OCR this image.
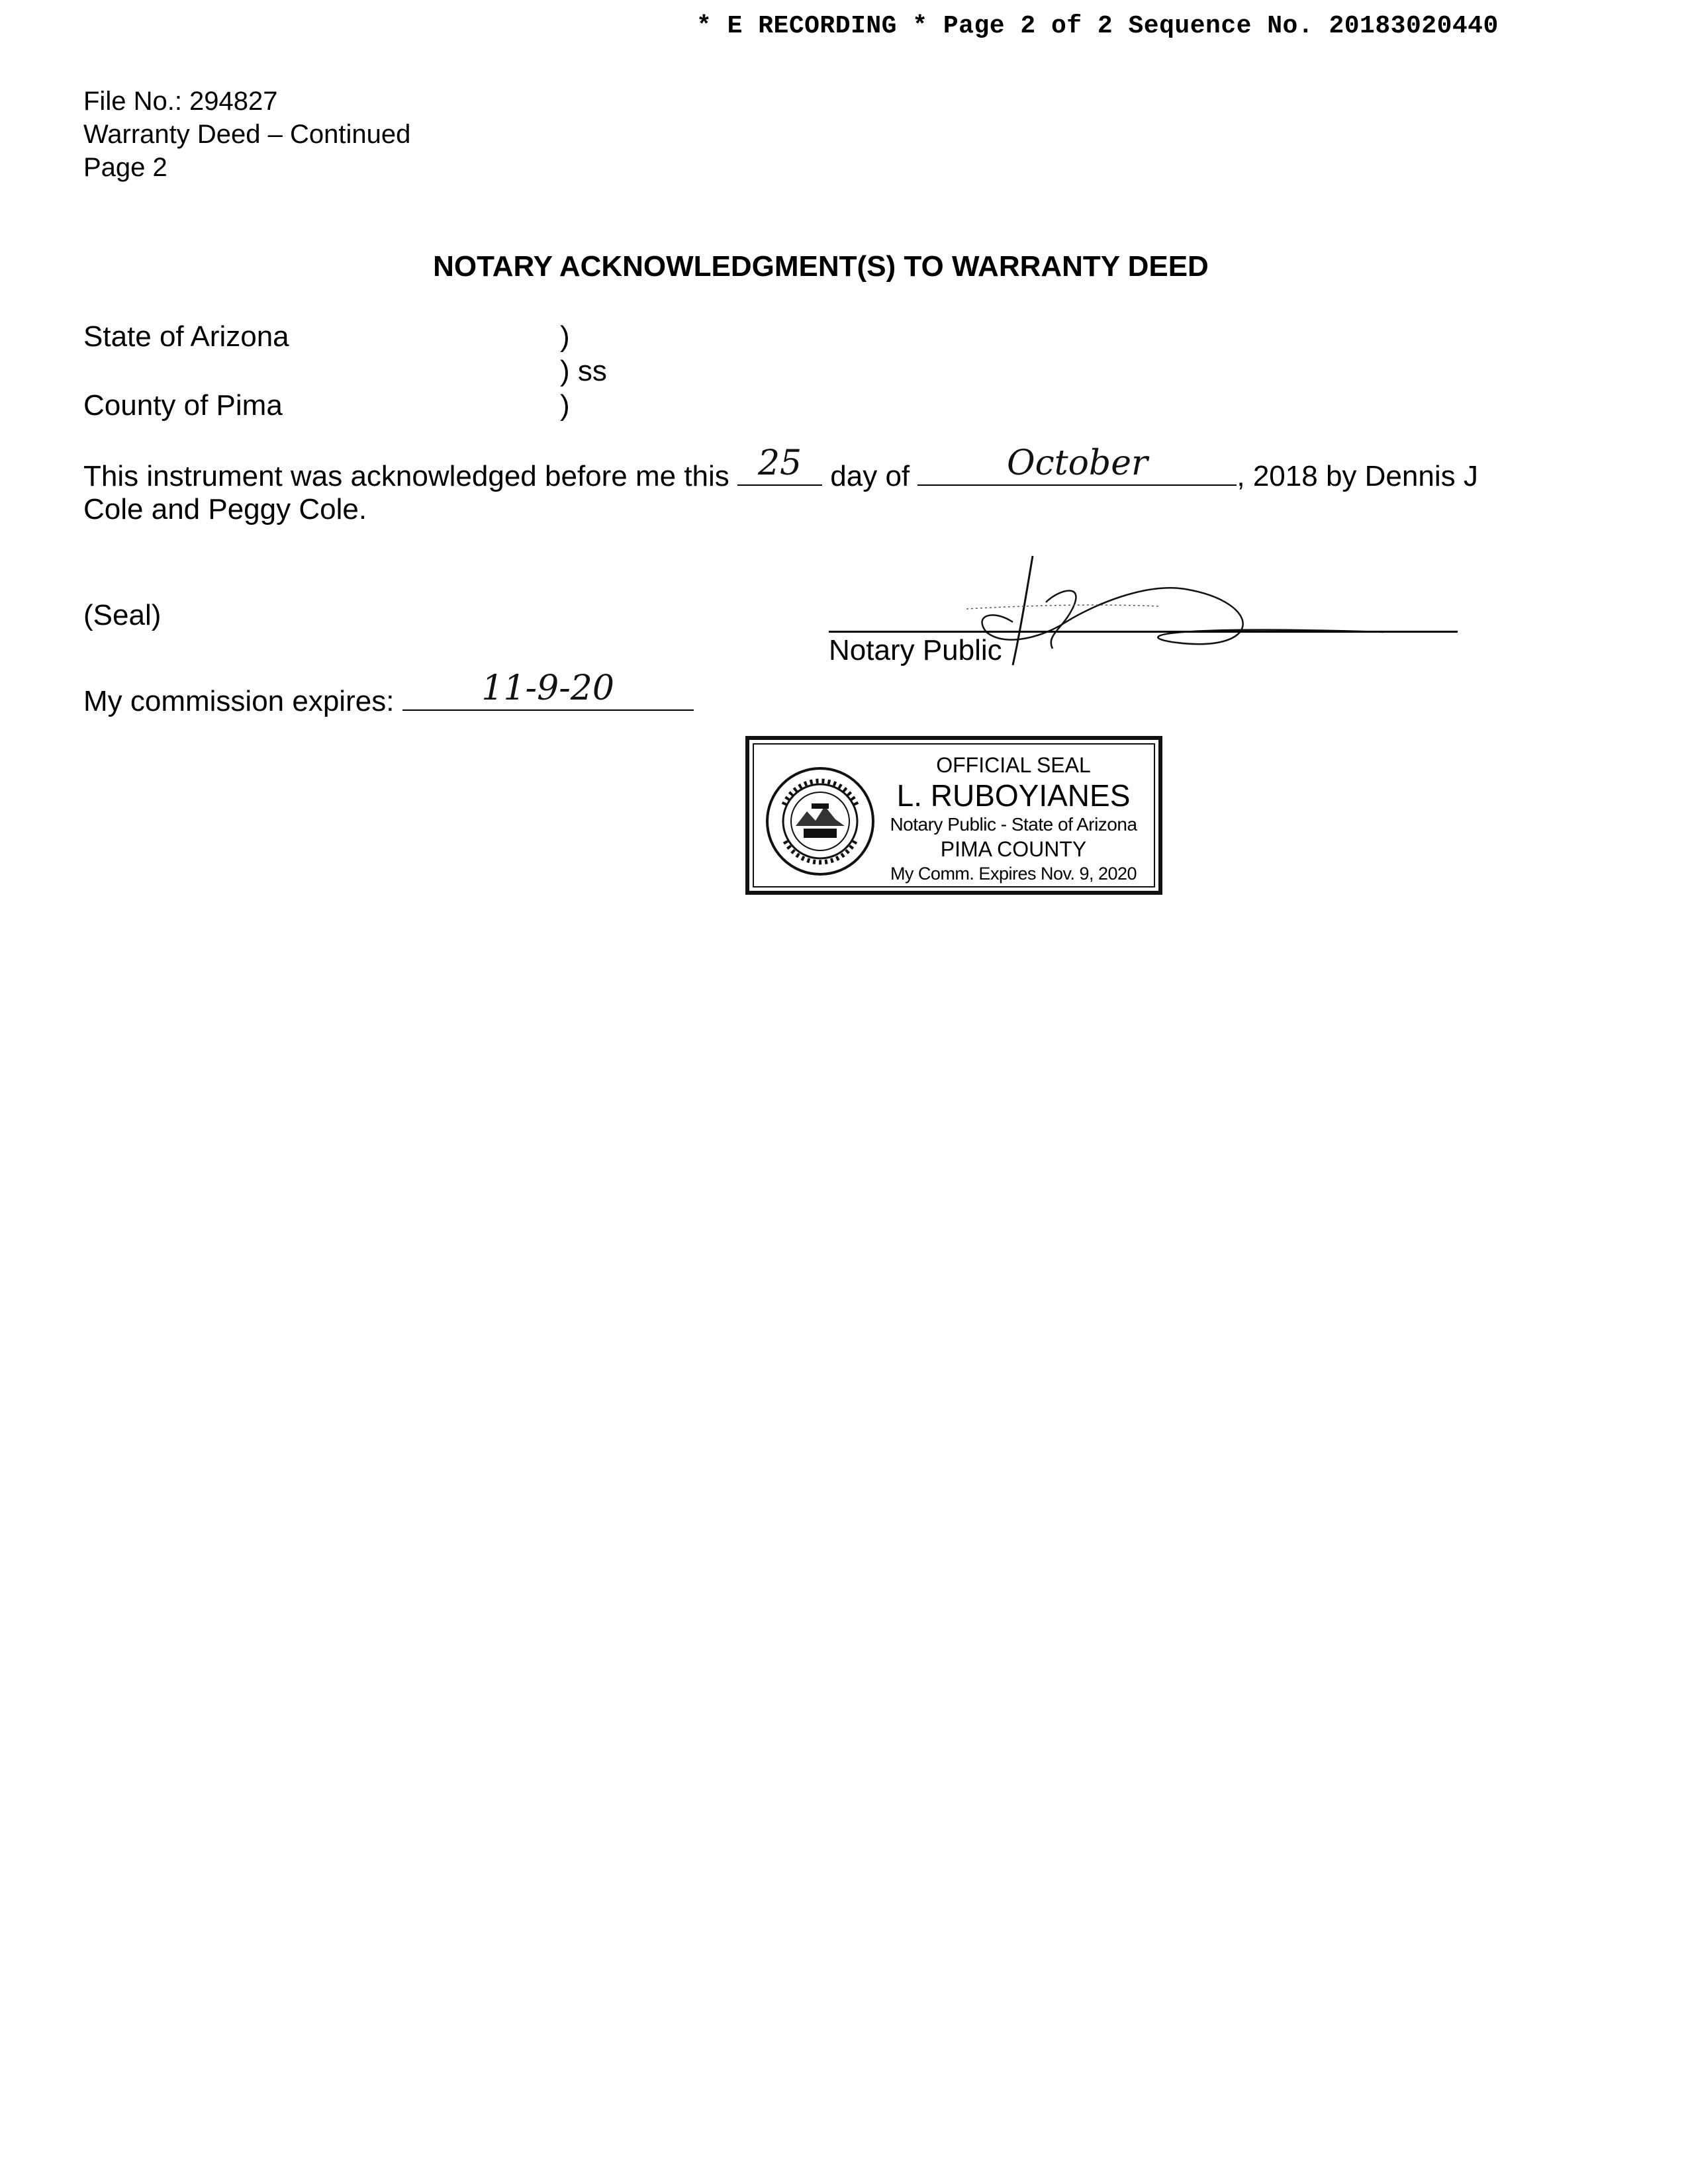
* E RECORDING * Page 2 of 2 Sequence No. 20183020440
File No.: 294827
Warranty Deed – Continued
Page 2
NOTARY ACKNOWLEDGMENT(S) TO WARRANTY DEED
State of Arizona	)
) ss
County of Pima	)
This instrument was acknowledged before me this 25 day of	October	, 2018 by Dennis J
Cole and Peggy Cole.
(Seal)
Notary Public
My commission expires:	11-9-20
OFFICIAL SEAL
L. RUBOYIANES
Notary Public - State of Arizona
PIMA COUNTY
My Comm. Expires Nov. 9, 2020
